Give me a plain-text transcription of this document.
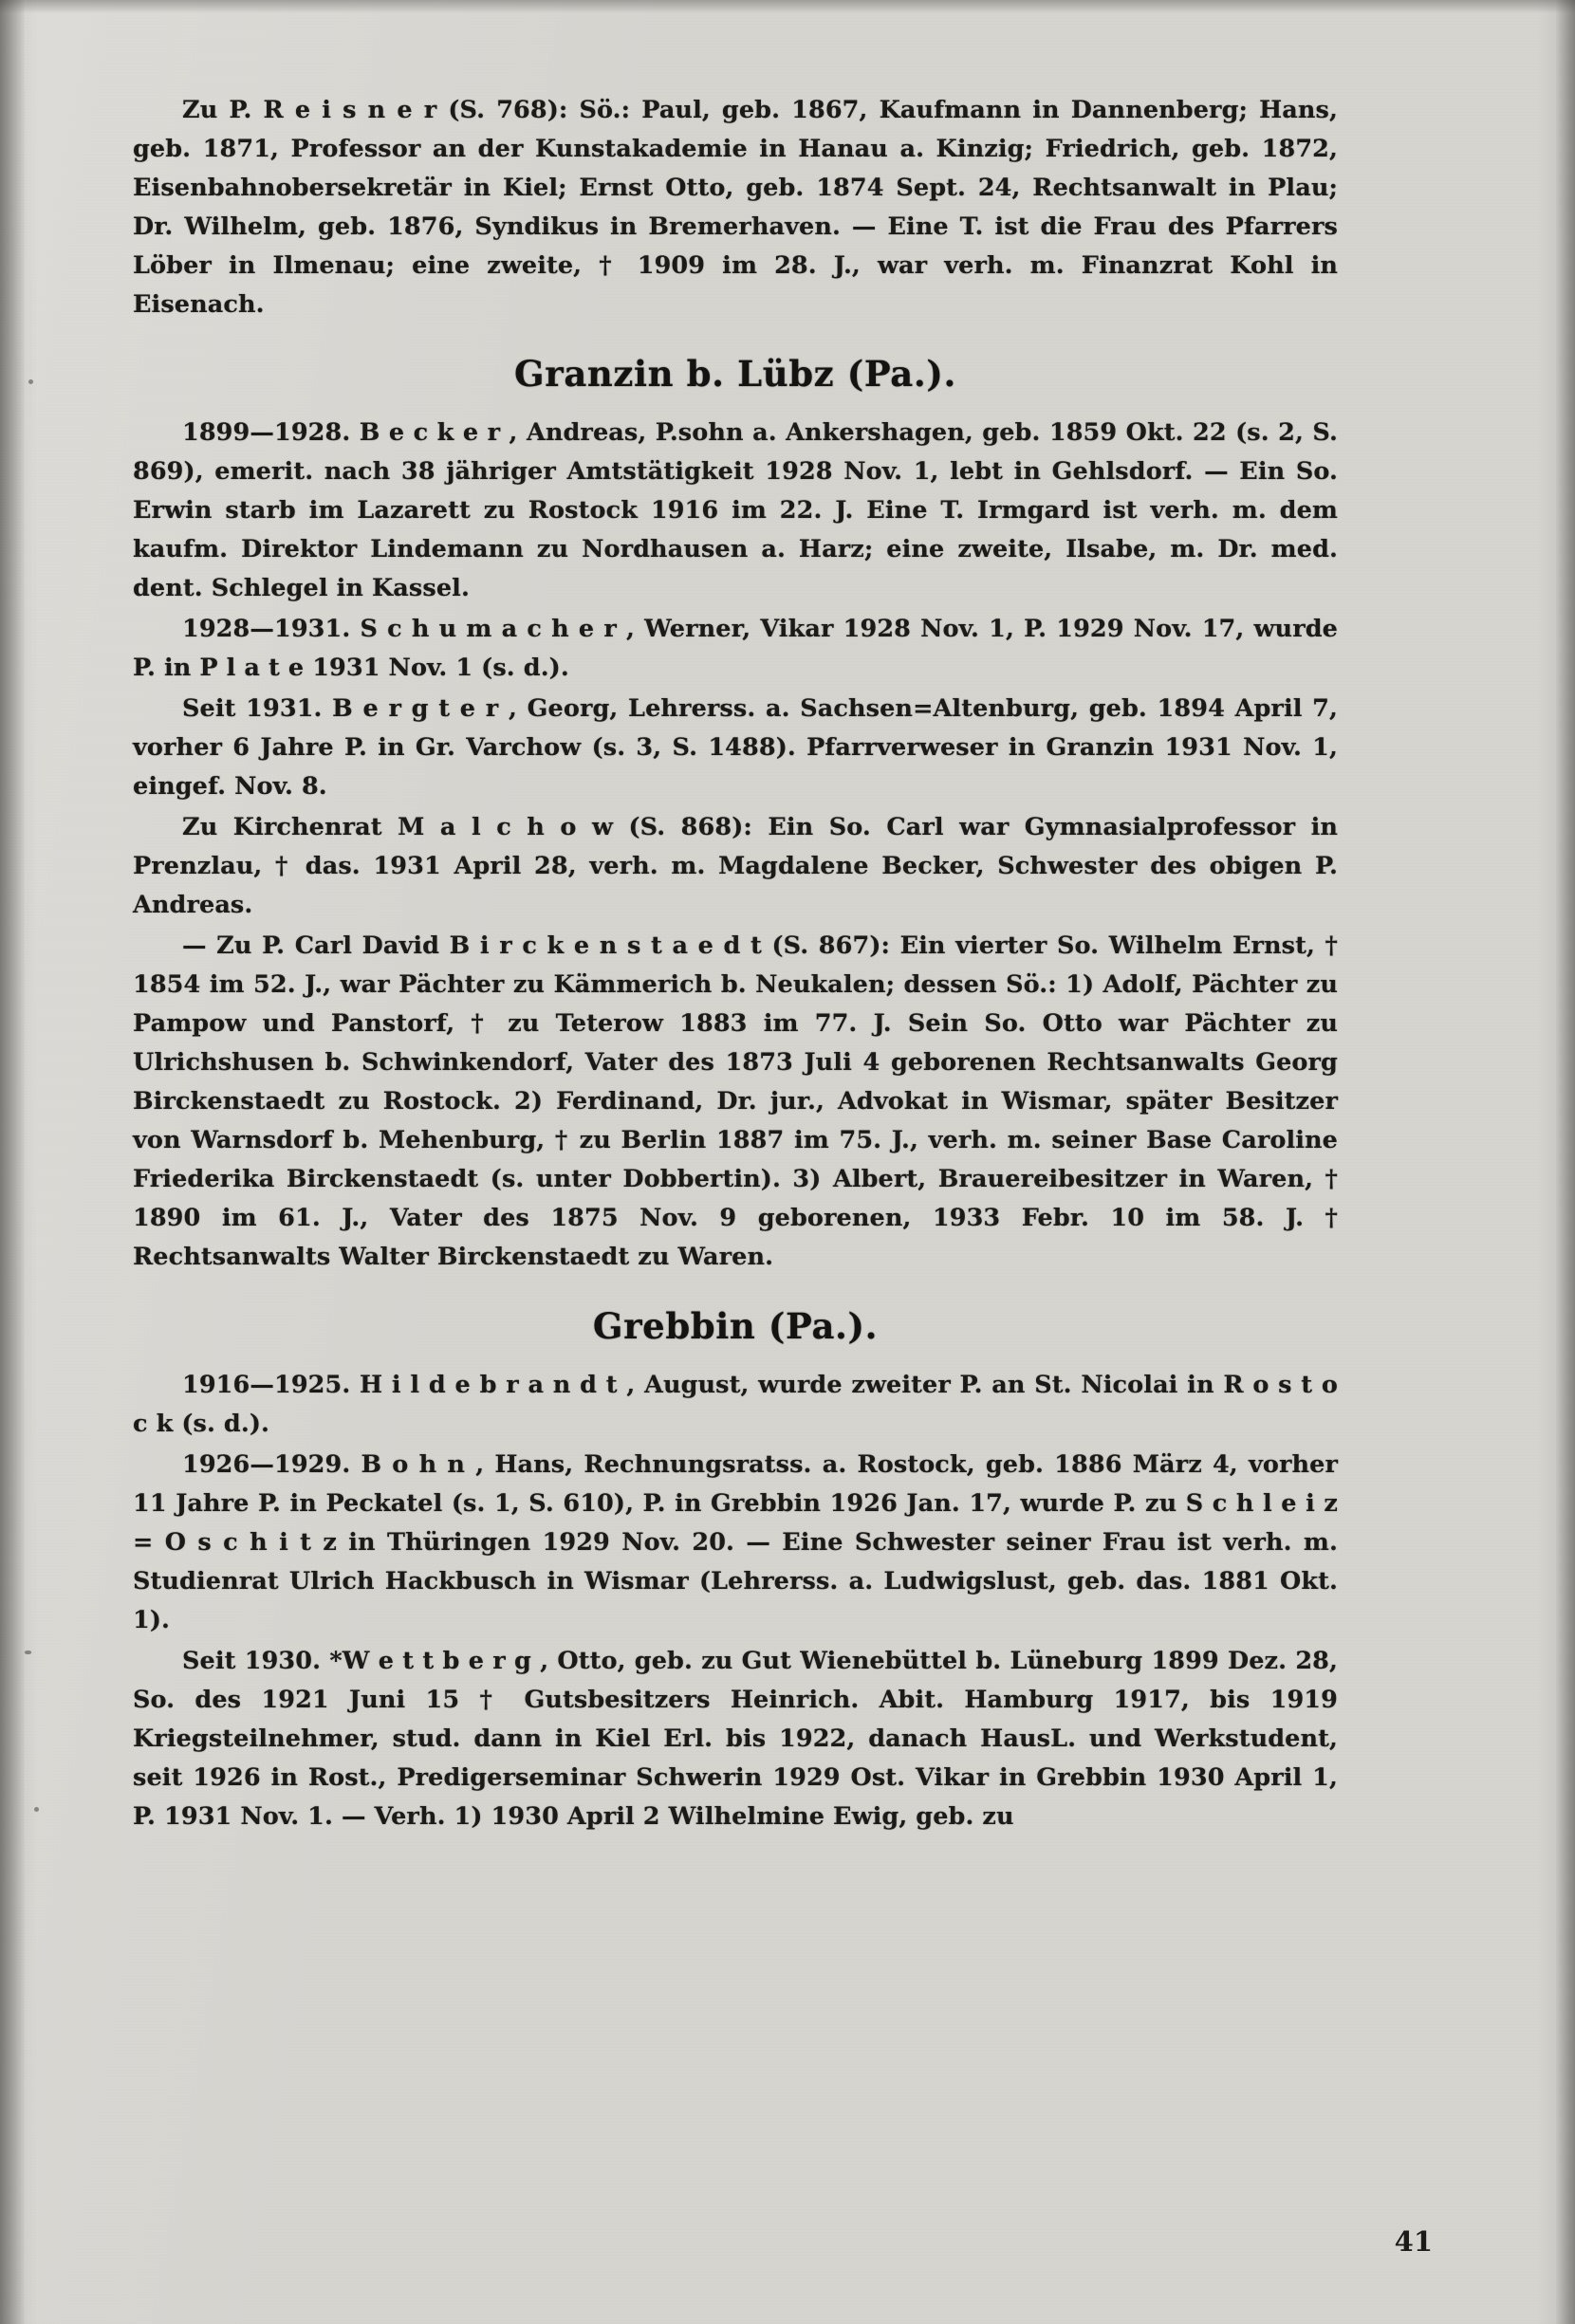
Zu P. R e i s n e r (S. 768): Sö.: Paul, geb. 1867, Kaufmann in Dannenberg; Hans, geb. 1871, Professor an der Kunstakademie in Hanau a. Kinzig; Friedrich, geb. 1872, Eisenbahnobersekretär in Kiel; Ernst Otto, geb. 1874 Sept. 24, Rechtsanwalt in Plau; Dr. Wilhelm, geb. 1876, Syndikus in Bremerhaven. — Eine T. ist die Frau des Pfarrers Löber in Ilmenau; eine zweite, † 1909 im 28. J., war verh. m. Finanzrat Kohl in Eisenach.

Granzin b. Lübz (Pa.).

1899—1928. B e c k e r , Andreas, P.sohn a. Ankershagen, geb. 1859 Okt. 22 (s. 2, S. 869), emerit. nach 38 jähriger Amtstätigkeit 1928 Nov. 1, lebt in Gehlsdorf. — Ein So. Erwin starb im Lazarett zu Rostock 1916 im 22. J. Eine T. Irmgard ist verh. m. dem kaufm. Direktor Lindemann zu Nordhausen a. Harz; eine zweite, Ilsabe, m. Dr. med. dent. Schlegel in Kassel.

1928—1931. S c h u m a c h e r , Werner, Vikar 1928 Nov. 1, P. 1929 Nov. 17, wurde P. in P l a t e 1931 Nov. 1 (s. d.).

Seit 1931. B e r g t e r , Georg, Lehrerss. a. Sachsen=Altenburg, geb. 1894 April 7, vorher 6 Jahre P. in Gr. Varchow (s. 3, S. 1488). Pfarrverweser in Granzin 1931 Nov. 1, eingef. Nov. 8.

Zu Kirchenrat M a l c h o w (S. 868): Ein So. Carl war Gymnasialprofessor in Prenzlau, † das. 1931 April 28, verh. m. Magdalene Becker, Schwester des obigen P. Andreas.

— Zu P. Carl David B i r c k e n s t a e d t (S. 867): Ein vierter So. Wilhelm Ernst, † 1854 im 52. J., war Pächter zu Kämmerich b. Neukalen; dessen Sö.: 1) Adolf, Pächter zu Pampow und Panstorf, † zu Teterow 1883 im 77. J. Sein So. Otto war Pächter zu Ulrichshusen b. Schwinkendorf, Vater des 1873 Juli 4 geborenen Rechtsanwalts Georg Birckenstaedt zu Rostock. 2) Ferdinand, Dr. jur., Advokat in Wismar, später Besitzer von Warnsdorf b. Mehenburg, † zu Berlin 1887 im 75. J., verh. m. seiner Base Caroline Friederika Birckenstaedt (s. unter Dobbertin). 3) Albert, Brauereibesitzer in Waren, † 1890 im 61. J., Vater des 1875 Nov. 9 geborenen, 1933 Febr. 10 im 58. J. † Rechtsanwalts Walter Birckenstaedt zu Waren.

Grebbin (Pa.).

1916—1925. H i l d e b r a n d t , August, wurde zweiter P. an St. Nicolai in R o s t o c k (s. d.).

1926—1929. B o h n , Hans, Rechnungsratss. a. Rostock, geb. 1886 März 4, vorher 11 Jahre P. in Peckatel (s. 1, S. 610), P. in Grebbin 1926 Jan. 17, wurde P. zu S c h l e i z = O s c h i t z in Thüringen 1929 Nov. 20. — Eine Schwester seiner Frau ist verh. m. Studienrat Ulrich Hackbusch in Wismar (Lehrerss. a. Ludwigslust, geb. das. 1881 Okt. 1).

Seit 1930. *W e t t b e r g , Otto, geb. zu Gut Wienebüttel b. Lüneburg 1899 Dez. 28, So. des 1921 Juni 15 † Gutsbesitzers Heinrich. Abit. Hamburg 1917, bis 1919 Kriegsteilnehmer, stud. dann in Kiel Erl. bis 1922, danach HausL. und Werkstudent, seit 1926 in Rost., Predigerseminar Schwerin 1929 Ost. Vikar in Grebbin 1930 April 1, P. 1931 Nov. 1. — Verh. 1) 1930 April 2 Wilhelmine Ewig, geb. zu

41
